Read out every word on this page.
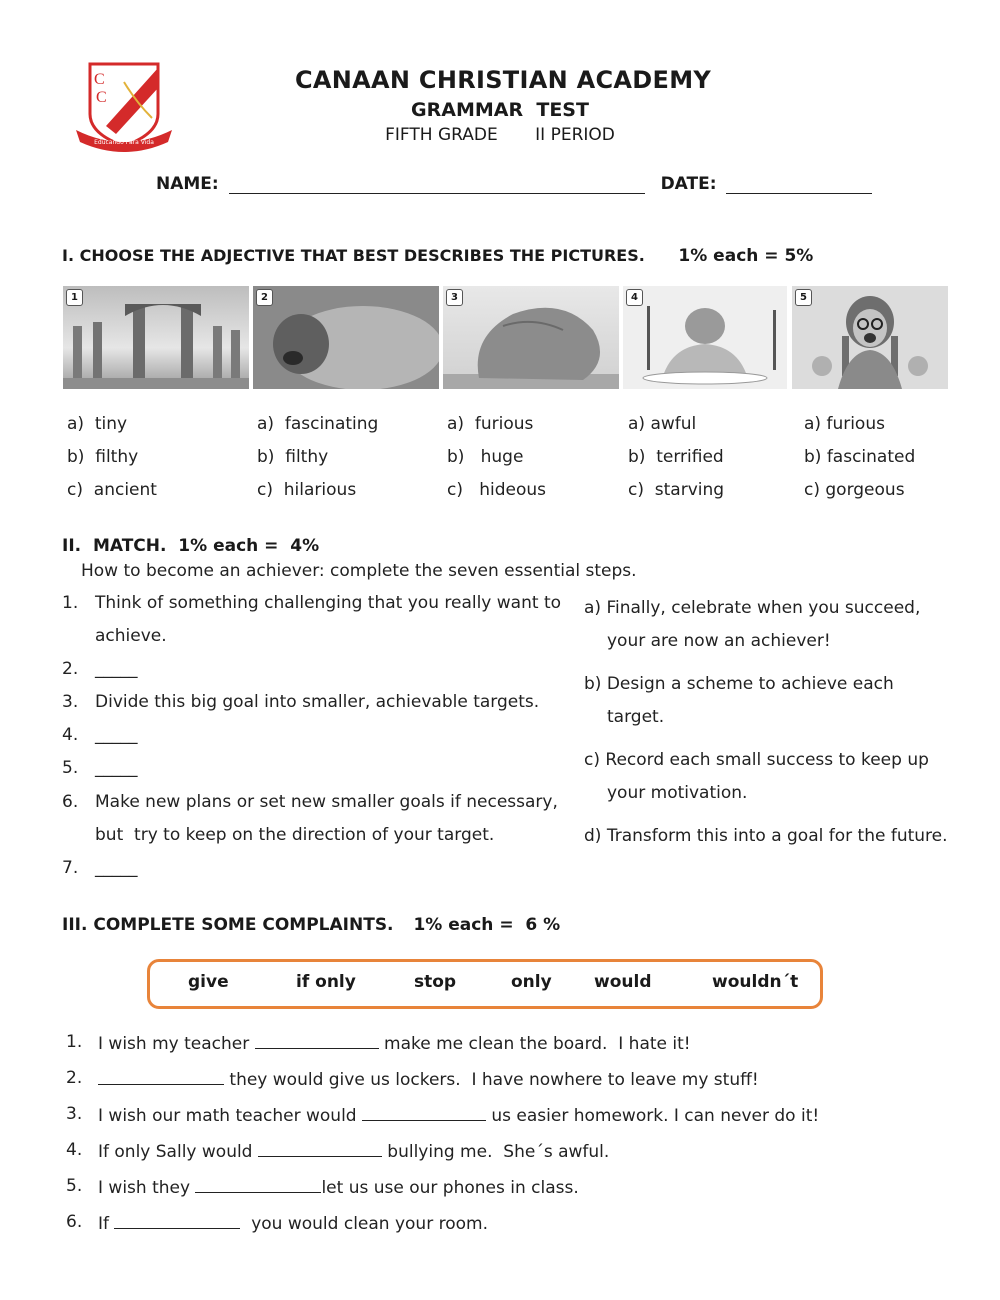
C
C
A
Educando Para Vida
CANAAN CHRISTIAN ACADEMY
GRAMMAR  TEST
FIFTH GRADE II PERIOD
NAME:	DATE:
I. CHOOSE THE ADJECTIVE THAT BEST DESCRIBES THE PICTURES. 1% each = 5%
1	2	3	4	5
a)  tiny
b)  filthy
c)  ancient
a)  fascinating
b)  filthy
c)  hilarious
a)  furious
b)   huge
c)   hideous
a) awful
b)  terrified
c)  starving
a) furious
b) fascinated
c) gorgeous
II.  MATCH.  1% each =  4%
How to become an achiever: complete the seven essential steps.
1. Think of something challenging that you really want to
achieve.
2. _____
3. Divide this big goal into smaller, achievable targets.
4. _____
5. _____
6. Make new plans or set new smaller goals if necessary,
but  try to keep on the direction of your target.
7. _____
a) Finally, celebrate when you succeed,
your are now an achiever!
b) Design a scheme to achieve each
target.
c) Record each small success to keep up
your motivation.
d) Transform this into a goal for the future.
III. COMPLETE SOME COMPLAINTS. 1% each =  6 %
give	if only	stop	only would	wouldn´t
1. I wish my teacher	make me clean the board.  I hate it!
2.	they would give us lockers.  I have nowhere to leave my stuff!
3. I wish our math teacher would	us easier homework. I can never do it!
4. If only Sally would	bullying me.  She´s awful.
5. I wish they	let us use our phones in class.
6. If	you would clean your room.
